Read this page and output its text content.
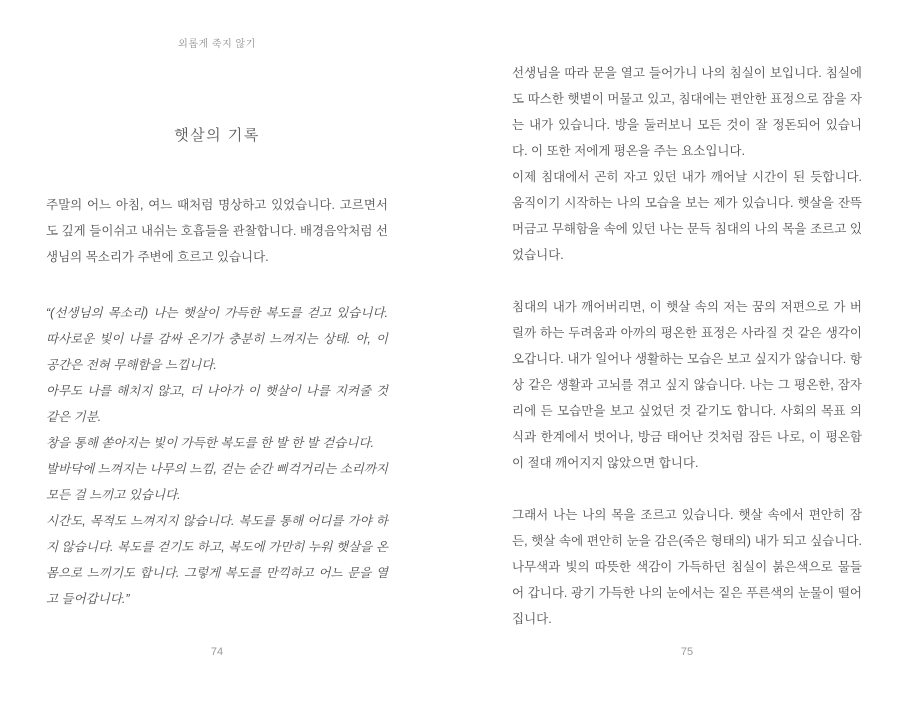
외롭게 죽지 않기
햇살의 기록

주말의 어느 아침, 여느 때처럼 명상하고 있었습니다. 고르면서도 깊게 들이쉬고 내쉬는 호흡들을 관찰합니다. 배경음악처럼 선생님의 목소리가 주변에 흐르고 있습니다.

“(선생님의 목소리) 나는 햇살이 가득한 복도를 걷고 있습니다. 따사로운 빛이 나를 감싸 온기가 충분히 느껴지는 상태. 아, 이 공간은 전혀 무해함을 느낍니다.

아무도 나를 해치지 않고, 더 나아가 이 햇살이 나를 지켜줄 것 같은 기분.

창을 통해 쏟아지는 빛이 가득한 복도를 한 발 한 발 걷습니다.

발바닥에 느껴지는 나무의 느낌, 걷는 순간 삐걱거리는 소리까지 모든 걸 느끼고 있습니다.

시간도, 목적도 느껴지지 않습니다. 복도를 통해 어디를 가야 하지 않습니다. 복도를 걷기도 하고, 복도에 가만히 누워 햇살을 온몸으로 느끼기도 합니다. 그렇게 복도를 만끽하고 어느 문을 열고 들어갑니다.”

74

선생님을 따라 문을 열고 들어가니 나의 침실이 보입니다. 침실에도 따스한 햇볕이 머물고 있고, 침대에는 편안한 표정으로 잠을 자는 내가 있습니다. 방을 둘러보니 모든 것이 잘 정돈되어 있습니다. 이 또한 저에게 평온을 주는 요소입니다.

이제 침대에서 곤히 자고 있던 내가 깨어날 시간이 된 듯합니다. 움직이기 시작하는 나의 모습을 보는 제가 있습니다. 햇살을 잔뜩 머금고 무해함을 속에 있던 나는 문득 침대의 나의 목을 조르고 있었습니다.

침대의 내가 깨어버리면, 이 햇살 속의 저는 꿈의 저편으로 가 버릴까 하는 두려움과 아까의 평온한 표정은 사라질 것 같은 생각이 오갑니다. 내가 일어나 생활하는 모습은 보고 싶지가 않습니다. 항상 같은 생활과 고뇌를 겪고 싶지 않습니다. 나는 그 평온한, 잠자리에 든 모습만을 보고 싶었던 것 같기도 합니다. 사회의 목표 의식과 한계에서 벗어나, 방금 태어난 것처럼 잠든 나로, 이 평온함이 절대 깨어지지 않았으면 합니다.

그래서 나는 나의 목을 조르고 있습니다. 햇살 속에서 편안히 잠든, 햇살 속에 편안히 눈을 감은(죽은 형태의) 내가 되고 싶습니다. 나무색과 빛의 따뜻한 색감이 가득하던 침실이 붉은색으로 물들어 갑니다. 광기 가득한 나의 눈에서는 짙은 푸른색의 눈물이 떨어집니다.

75
